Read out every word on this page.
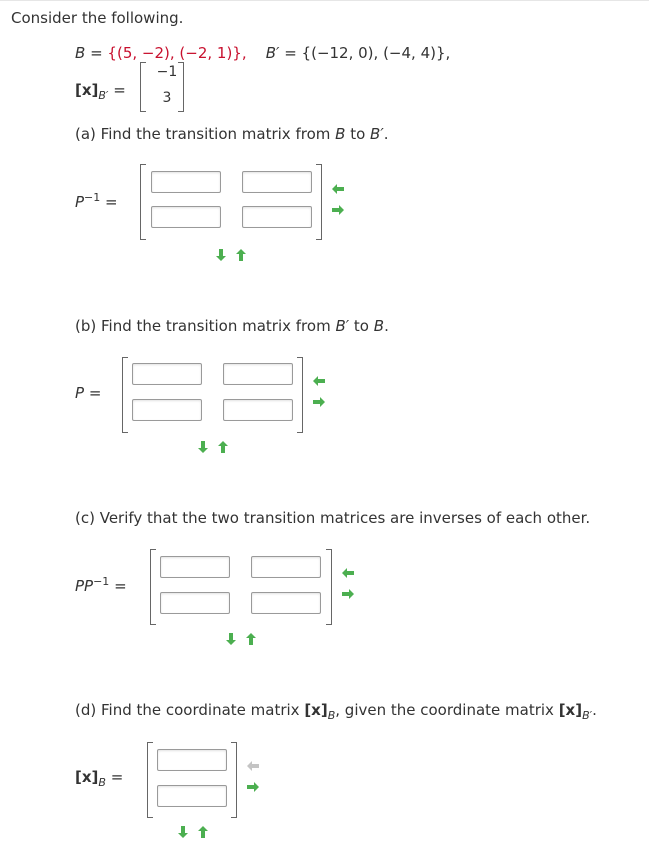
Consider the following.
B = {(5, −2), (−2, 1)}, B′ = {(−12, 0), (−4, 4)},
$[x]_{B'}$ =
−1
3
(a) Find the transition matrix from B to B′.
$P^{-1}$ =
(b) Find the transition matrix from B′ to B.
P =
(c) Verify that the two transition matrices are inverses of each other.
$PP^{-1}$ =
(d) Find the coordinate matrix $[x]_B$, given the coordinate matrix $[x]_{B'}$.
$[x]_B$ =
